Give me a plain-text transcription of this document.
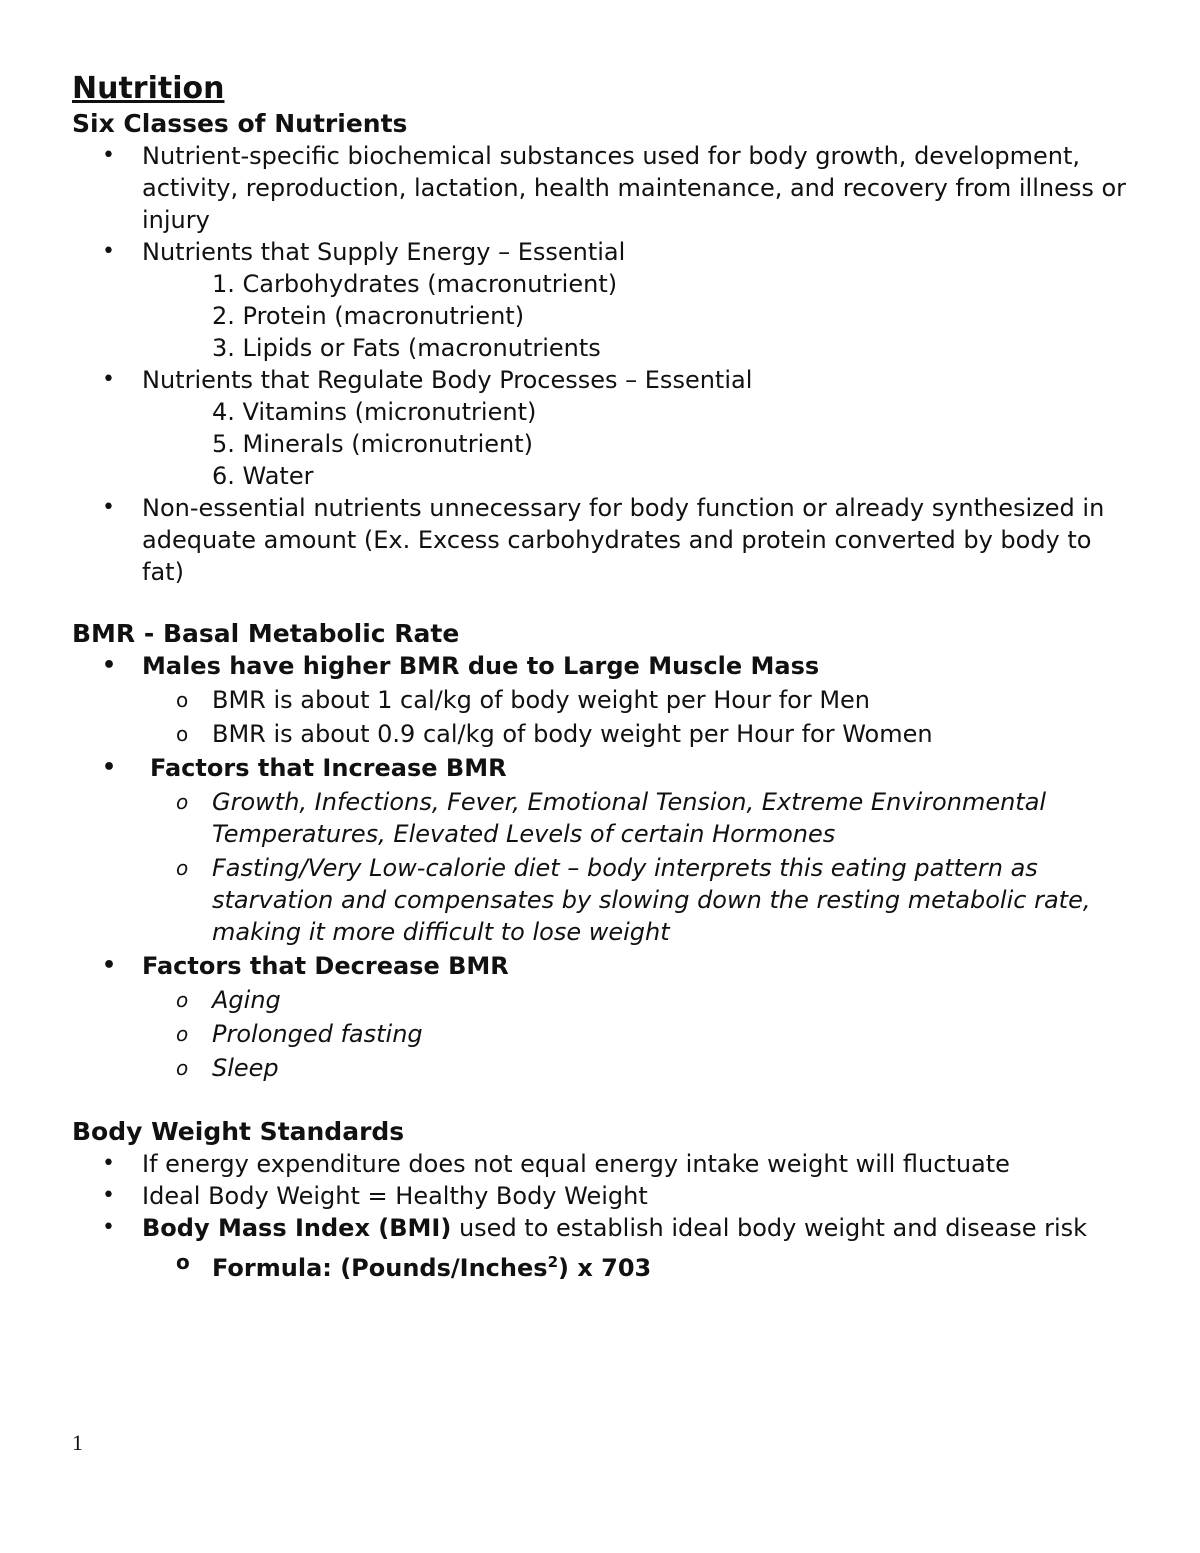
Nutrition
Six Classes of Nutrients
• Nutrient-specific biochemical substances used for body growth, development, activity, reproduction, lactation, health maintenance, and recovery from illness or injury
• Nutrients that Supply Energy – Essential
1. Carbohydrates (macronutrient)
2. Protein (macronutrient)
3. Lipids or Fats (macronutrients
• Nutrients that Regulate Body Processes – Essential
4. Vitamins (micronutrient)
5. Minerals (micronutrient)
6. Water
• Non-essential nutrients unnecessary for body function or already synthesized in adequate amount (Ex. Excess carbohydrates and protein converted by body to fat)
BMR - Basal Metabolic Rate
• Males have higher BMR due to Large Muscle Mass
o BMR is about 1 cal/kg of body weight per Hour for Men
o BMR is about 0.9 cal/kg of body weight per Hour for Women
• Factors that Increase BMR
o Growth, Infections, Fever, Emotional Tension, Extreme Environmental Temperatures, Elevated Levels of certain Hormones
o Fasting/Very Low-calorie diet – body interprets this eating pattern as starvation and compensates by slowing down the resting metabolic rate, making it more difficult to lose weight
• Factors that Decrease BMR
o Aging
o Prolonged fasting
o Sleep
Body Weight Standards
• If energy expenditure does not equal energy intake weight will fluctuate
• Ideal Body Weight = Healthy Body Weight
• Body Mass Index (BMI) used to establish ideal body weight and disease risk
o Formula: (Pounds/Inches$^2$) x 703
1
